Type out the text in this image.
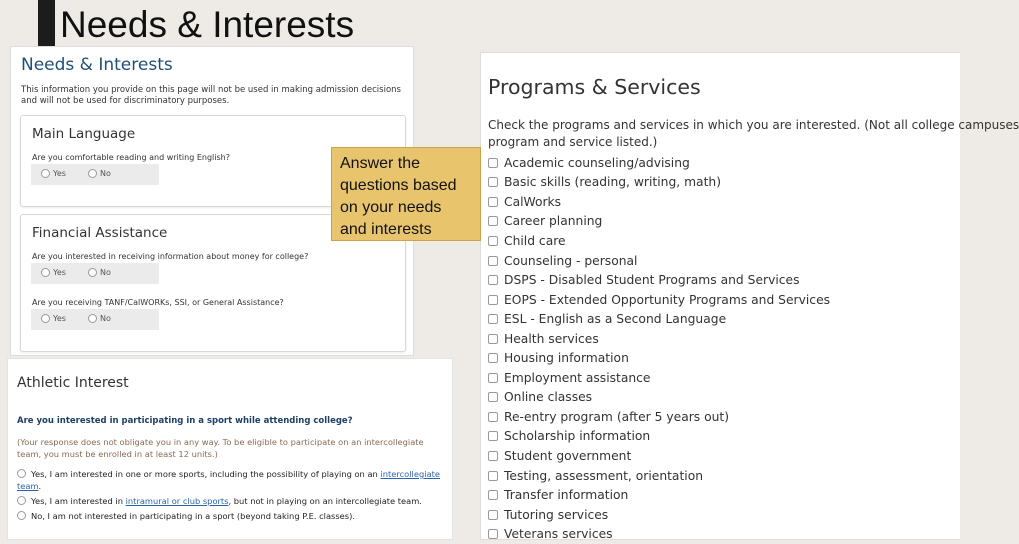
Needs & Interests
Needs & Interests
This information you provide on this page will not be used in making admission decisions and will not be used for discriminatory purposes.
Main Language
Are you comfortable reading and writing English?
Yes	No
Financial Assistance
Are you interested in receiving information about money for college?
Yes	No
Are you receiving TANF/CalWORKs, SSI, or General Assistance?
Yes	No
Athletic Interest
Are you interested in participating in a sport while attending college?
(Your response does not obligate you in any way. To be eligible to participate on an intercollegiate team, you must be enrolled in at least 12 units.)
Yes, I am interested in one or more sports, including the possibility of playing on an intercollegiate team.
Yes, I am interested in intramural or club sports, but not in playing on an intercollegiate team.
No, I am not interested in participating in a sport (beyond taking P.E. classes).
Programs & Services
Check the programs and services in which you are interested. (Not all college campuses
program and service listed.)
Academic counseling/advising
Basic skills (reading, writing, math)
CalWorks
Career planning
Child care
Counseling - personal
DSPS - Disabled Student Programs and Services
EOPS - Extended Opportunity Programs and Services
ESL - English as a Second Language
Health services
Housing information
Employment assistance
Online classes
Re-entry program (after 5 years out)
Scholarship information
Student government
Testing, assessment, orientation
Transfer information
Tutoring services
Veterans services
Answer the questions based on your needs and interests
